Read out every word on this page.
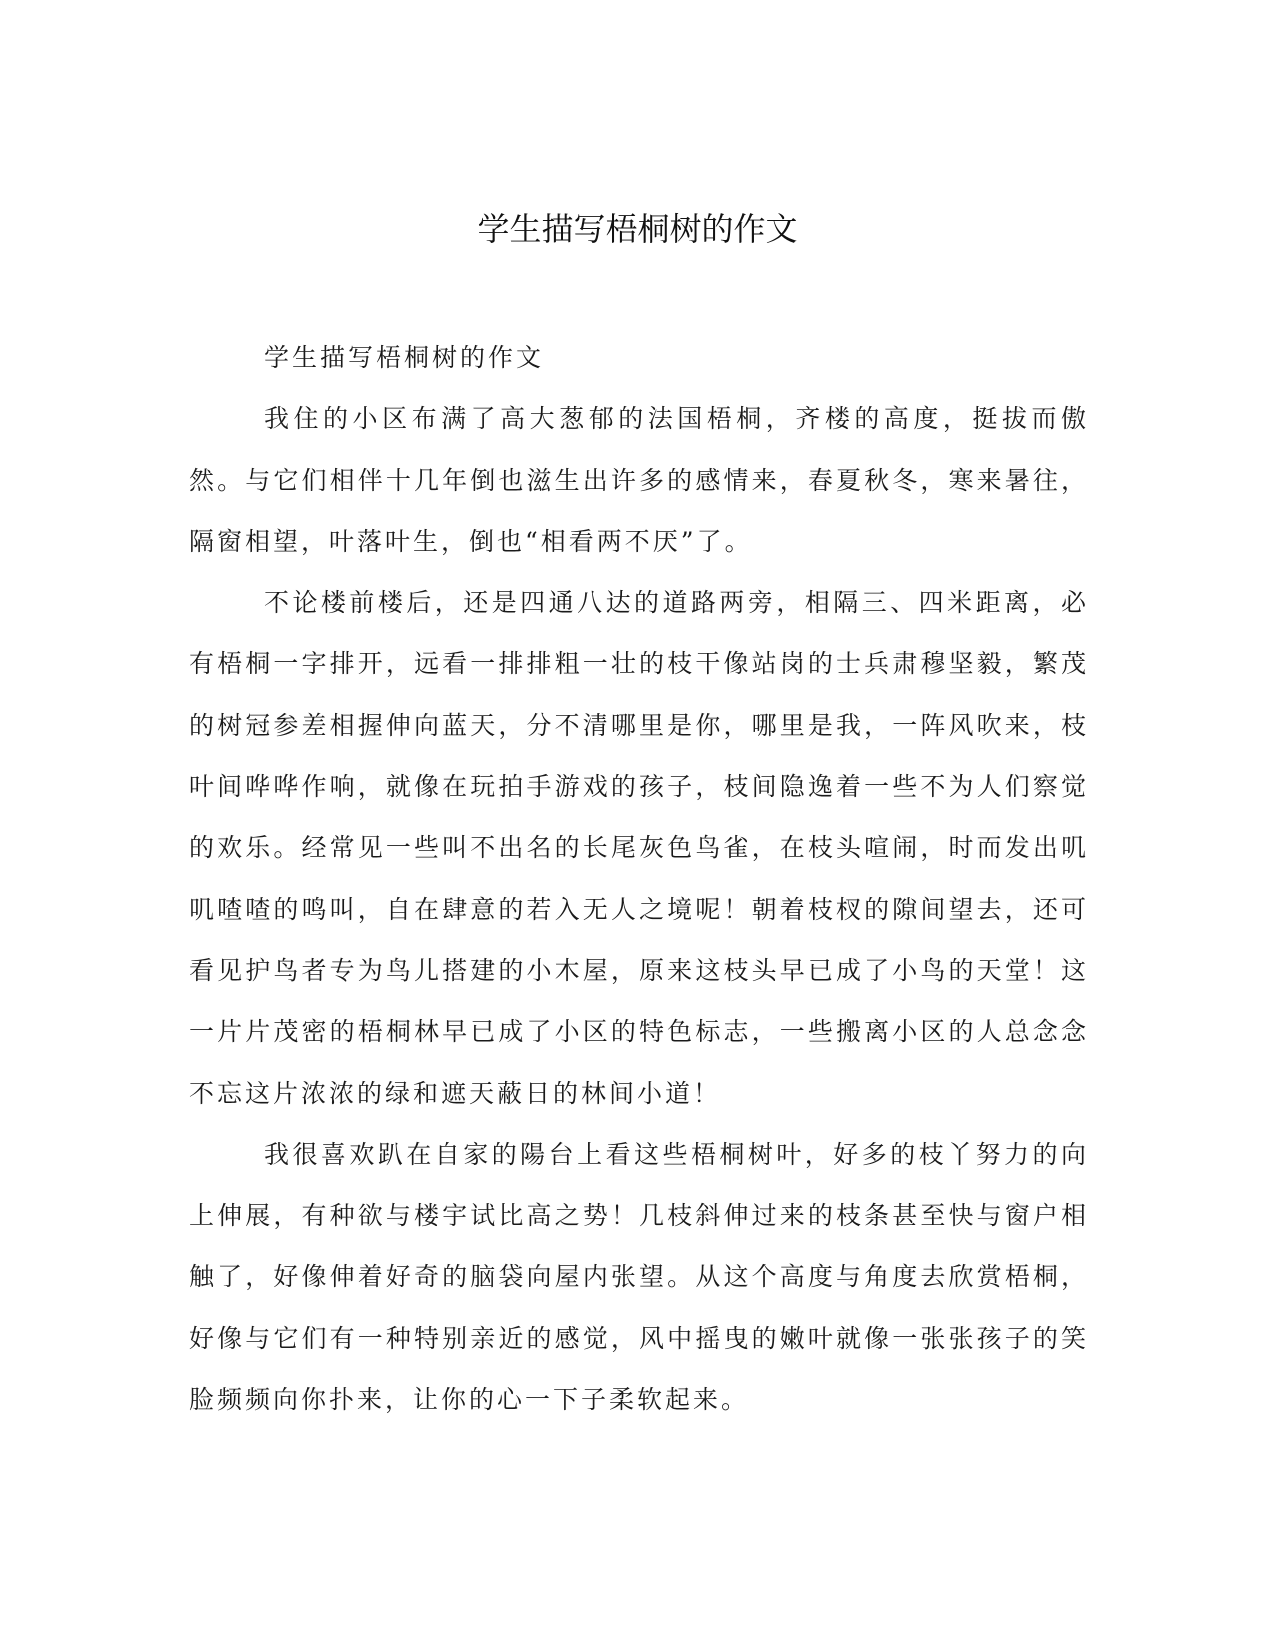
学生描写梧桐树的作文

学生描写梧桐树的作文

我住的小区布满了高大葱郁的法国梧桐，齐楼的高度，挺拔而傲然。与它们相伴十几年倒也滋生出许多的感情来，春夏秋冬，寒来暑往，隔窗相望，叶落叶生，倒也“相看两不厌”了。

不论楼前楼后，还是四通八达的道路两旁，相隔三、四米距离，必有梧桐一字排开，远看一排排粗一壮的枝干像站岗的士兵肃穆坚毅，繁茂的树冠参差相握伸向蓝天，分不清哪里是你，哪里是我，一阵风吹来，枝叶间哗哗作响，就像在玩拍手游戏的孩子，枝间隐逸着一些不为人们察觉的欢乐。经常见一些叫不出名的长尾灰色鸟雀，在枝头喧闹，时而发出叽叽喳喳的鸣叫，自在肆意的若入无人之境呢！朝着枝杈的隙间望去，还可看见护鸟者专为鸟儿搭建的小木屋，原来这枝头早已成了小鸟的天堂！这一片片茂密的梧桐林早已成了小区的特色标志，一些搬离小区的人总念念不忘这片浓浓的绿和遮天蔽日的林间小道！

我很喜欢趴在自家的陽台上看这些梧桐树叶，好多的枝丫努力的向上伸展，有种欲与楼宇试比高之势！几枝斜伸过来的枝条甚至快与窗户相触了，好像伸着好奇的脑袋向屋内张望。从这个高度与角度去欣赏梧桐，好像与它们有一种特别亲近的感觉，风中摇曳的嫩叶就像一张张孩子的笑脸频频向你扑来，让你的心一下子柔软起来。
